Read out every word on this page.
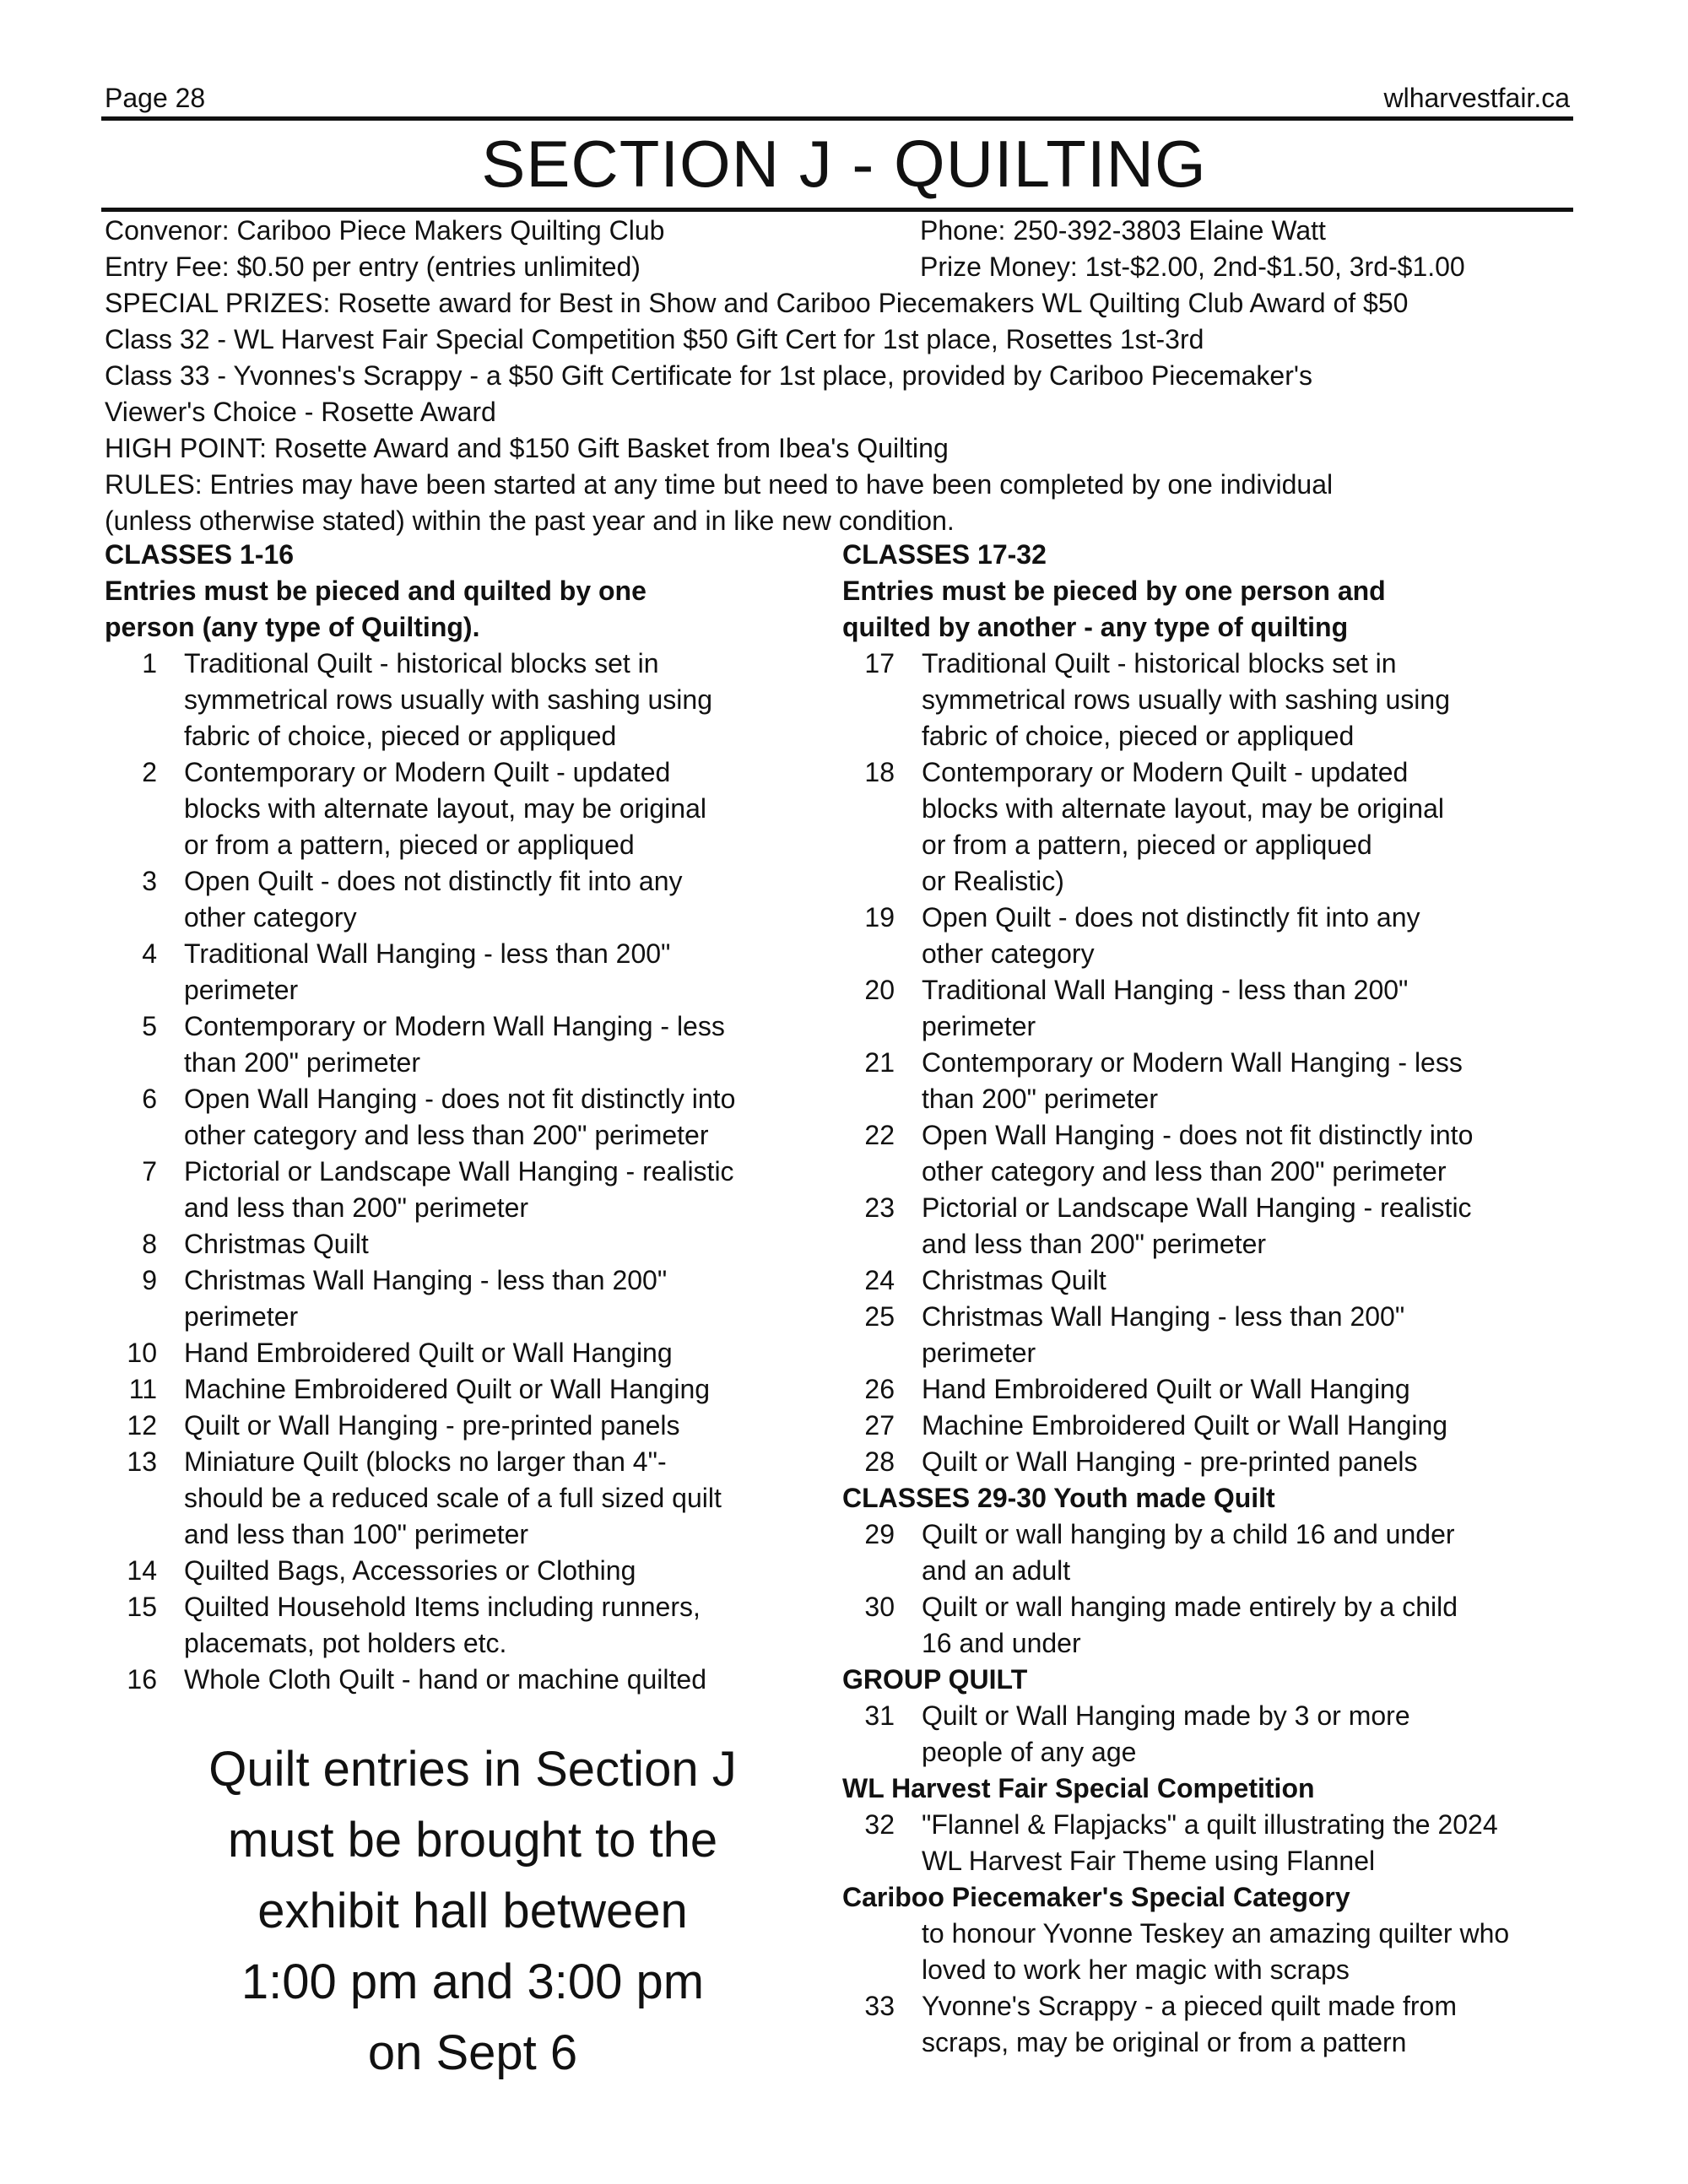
Page 28	wlharvestfair.ca
SECTION J - QUILTING
Convenor: Cariboo Piece Makers Quilting Club	Phone: 250-392-3803 Elaine Watt
Entry Fee: $0.50 per entry (entries unlimited)	Prize Money: 1st-$2.00, 2nd-$1.50, 3rd-$1.00
SPECIAL PRIZES: Rosette award for Best in Show and Cariboo Piecemakers WL Quilting Club Award of $50
Class 32 - WL Harvest Fair Special Competition $50 Gift Cert for 1st place, Rosettes 1st-3rd
Class 33 - Yvonnes's Scrappy - a $50 Gift Certificate for 1st place, provided by Cariboo Piecemaker's
Viewer's Choice - Rosette Award
HIGH POINT: Rosette Award and $150 Gift Basket from Ibea's Quilting
RULES: Entries may have been started at any time but need to have been completed by one individual
(unless otherwise stated) within the past year and in like new condition.
CLASSES 1-16
Entries must be pieced and quilted by one
person (any type of Quilting).
1 Traditional Quilt - historical blocks set in
symmetrical rows usually with sashing using
fabric of choice, pieced or appliqued
2 Contemporary or Modern Quilt - updated
blocks with alternate layout, may be original
or from a pattern, pieced or appliqued
3 Open Quilt - does not distinctly fit into any
other category
4 Traditional Wall Hanging - less than 200"
perimeter
5 Contemporary or Modern Wall Hanging - less
than 200" perimeter
6 Open Wall Hanging - does not fit distinctly into
other category and less than 200" perimeter
7 Pictorial or Landscape Wall Hanging - realistic
and less than 200" perimeter
8 Christmas Quilt
9 Christmas Wall Hanging - less than 200"
perimeter
10 Hand Embroidered Quilt or Wall Hanging
11 Machine Embroidered Quilt or Wall Hanging
12 Quilt or Wall Hanging - pre-printed panels
13 Miniature Quilt (blocks no larger than 4"-
should be a reduced scale of a full sized quilt
and less than 100" perimeter
14 Quilted Bags, Accessories or Clothing
15 Quilted Household Items including runners,
placemats, pot holders etc.
16 Whole Cloth Quilt - hand or machine quilted
Quilt entries in Section J
must be brought to the
exhibit hall between
1:00 pm and 3:00 pm
on Sept 6
CLASSES 17-32
Entries must be pieced by one person and
quilted by another - any type of quilting
17 Traditional Quilt - historical blocks set in
symmetrical rows usually with sashing using
fabric of choice, pieced or appliqued
18 Contemporary or Modern Quilt - updated
blocks with alternate layout, may be original
or from a pattern, pieced or appliqued
or Realistic)
19 Open Quilt - does not distinctly fit into any
other category
20 Traditional Wall Hanging - less than 200"
perimeter
21 Contemporary or Modern Wall Hanging - less
than 200" perimeter
22 Open Wall Hanging - does not fit distinctly into
other category and less than 200" perimeter
23 Pictorial or Landscape Wall Hanging - realistic
and less than 200" perimeter
24 Christmas Quilt
25 Christmas Wall Hanging - less than 200"
perimeter
26 Hand Embroidered Quilt or Wall Hanging
27 Machine Embroidered Quilt or Wall Hanging
28 Quilt or Wall Hanging - pre-printed panels
CLASSES 29-30 Youth made Quilt
29 Quilt or wall hanging by a child 16 and under
and an adult
30 Quilt or wall hanging made entirely by a child
16 and under
GROUP QUILT
31 Quilt or Wall Hanging made by 3 or more
people of any age
WL Harvest Fair Special Competition
32 "Flannel & Flapjacks" a quilt illustrating the 2024
WL Harvest Fair Theme using Flannel
Cariboo Piecemaker's Special Category
to honour Yvonne Teskey an amazing quilter who
loved to work her magic with scraps
33 Yvonne's Scrappy - a pieced quilt made from
scraps, may be original or from a pattern
